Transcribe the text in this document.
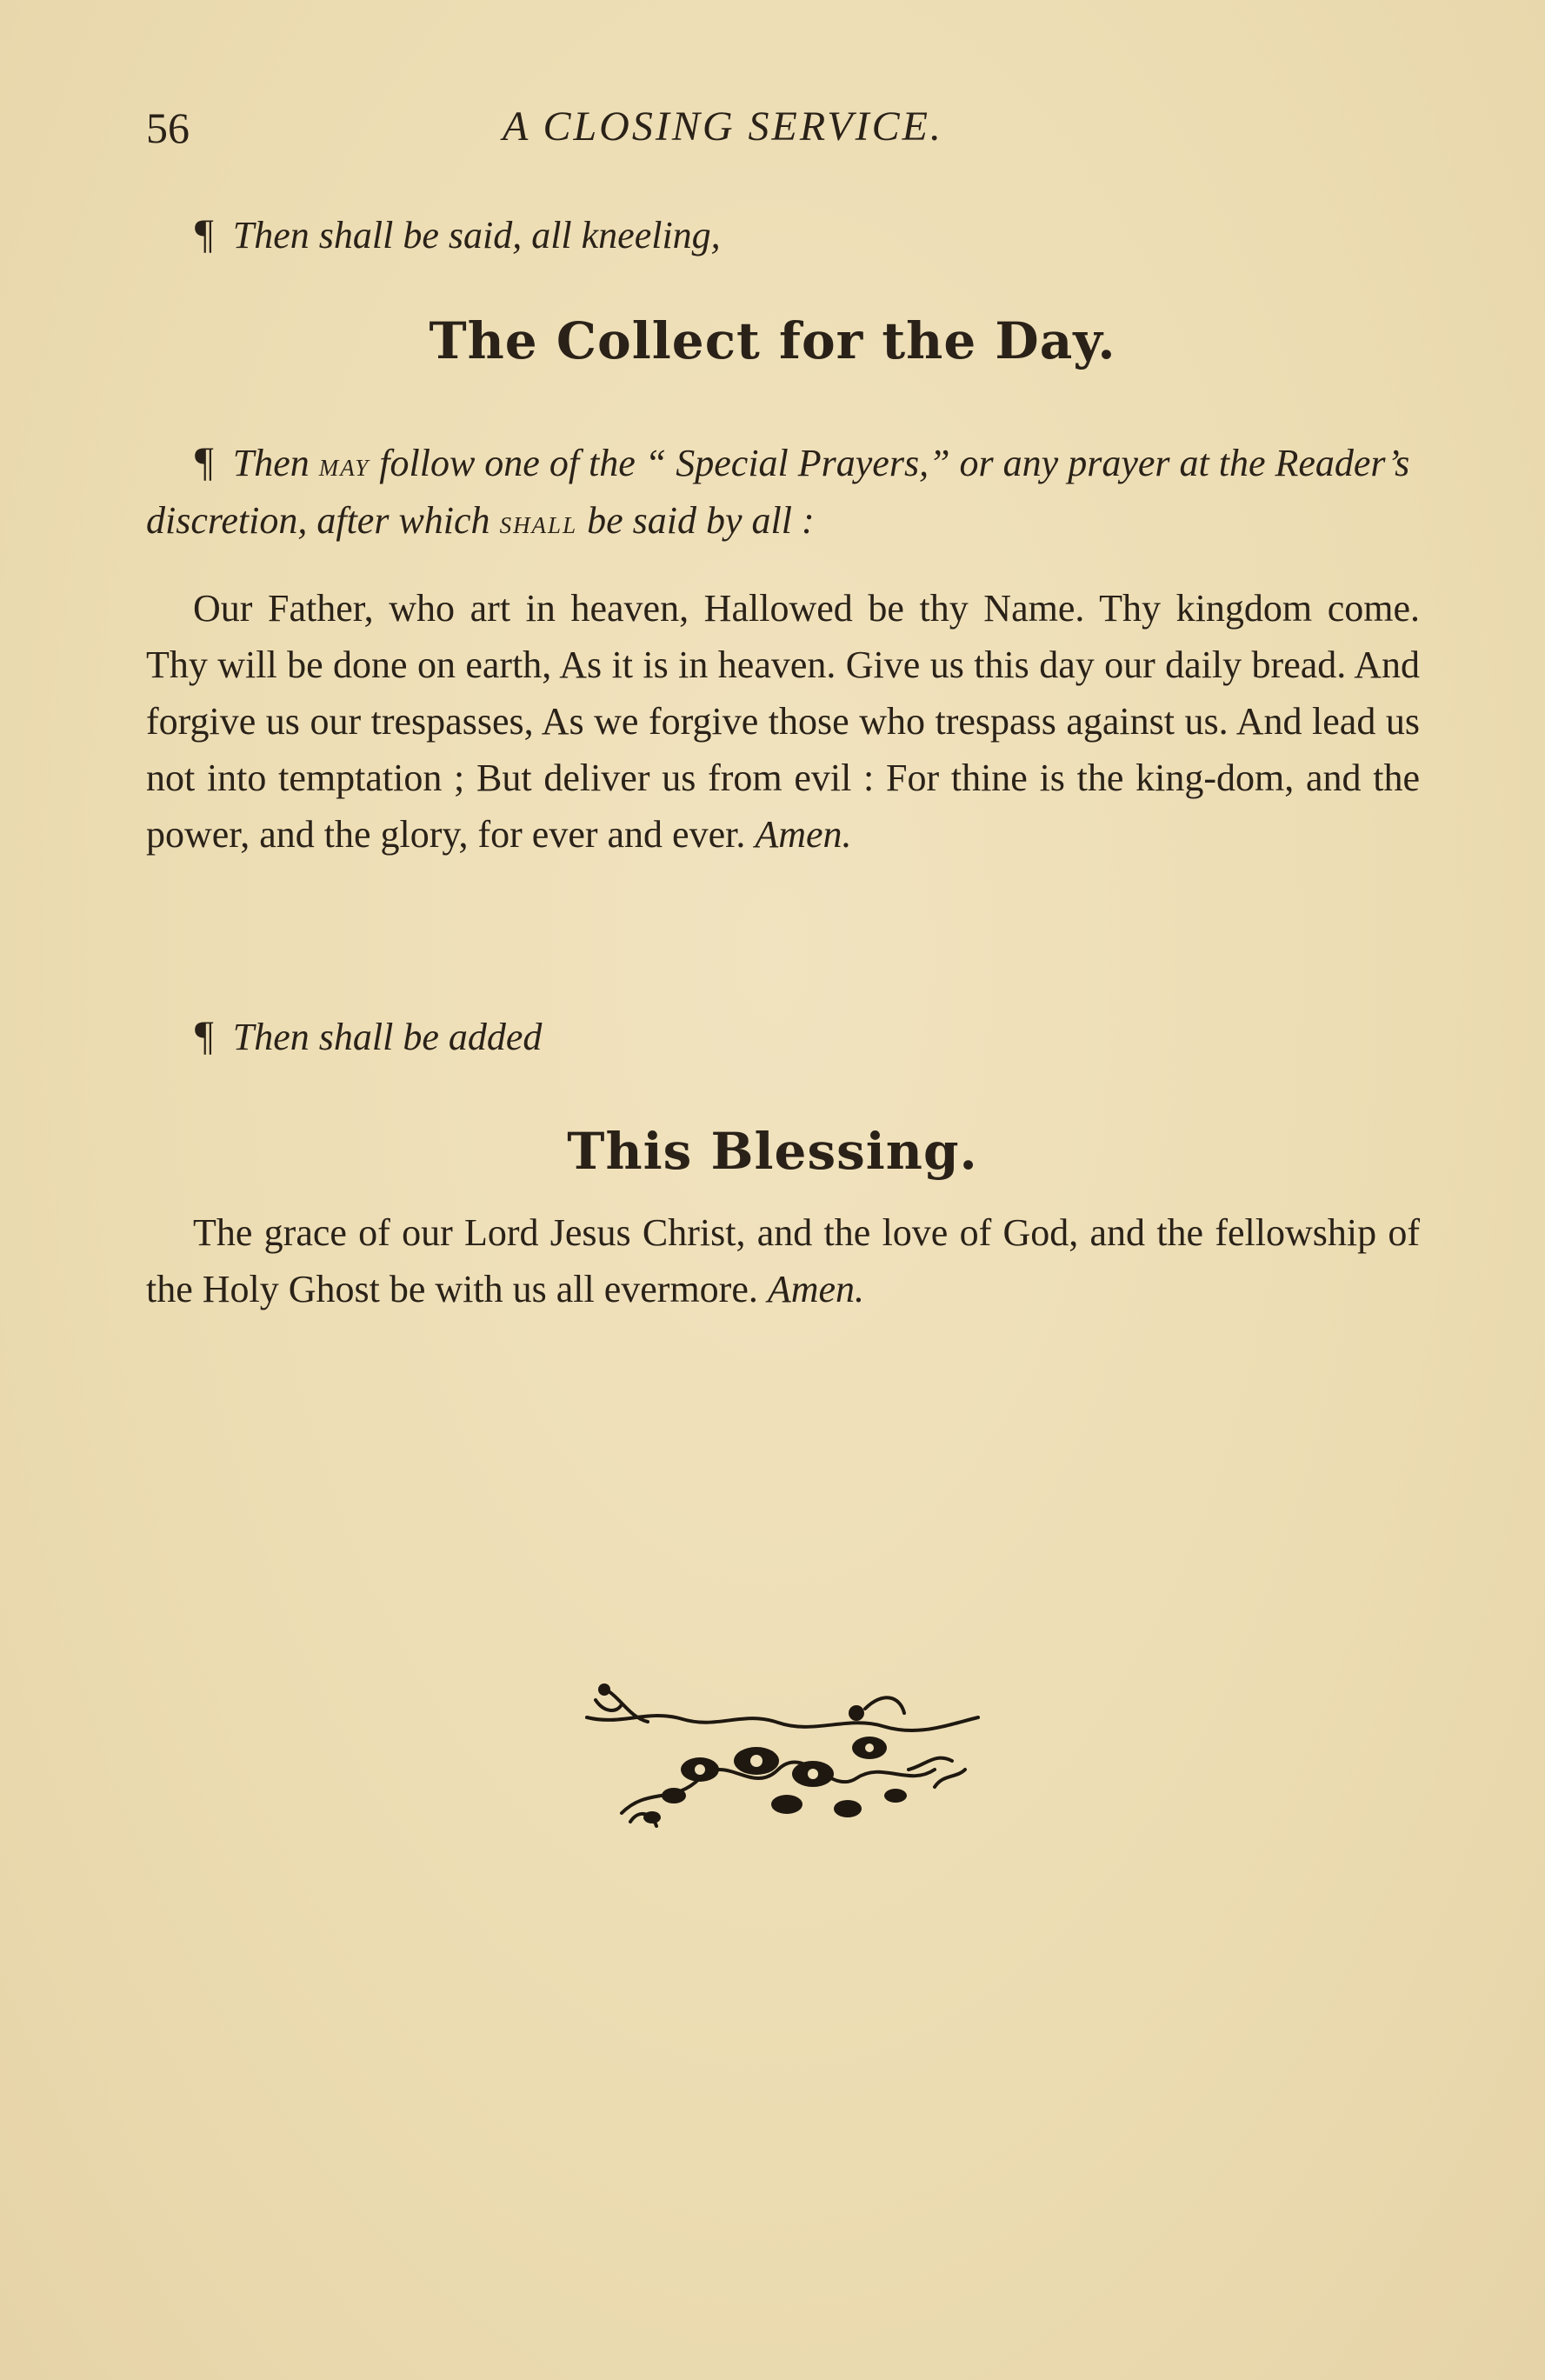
56	A CLOSING SERVICE.
¶ Then shall be said, all kneeling,
The Collect for the Day.
¶ Then may follow one of the “ Special Prayers,” or any prayer at the Reader’s discretion, after which shall be said by all :

Our Father, who art in heaven, Hallowed be thy Name. Thy kingdom come. Thy will be done on earth, As it is in heaven. Give us this day our daily bread. And forgive us our trespasses, As we forgive those who trespass against us. And lead us not into temptation ; But deliver us from evil : For thine is the king-dom, and the power, and the glory, for ever and ever. Amen.

¶ Then shall be added
This Blessing.

The grace of our Lord Jesus Christ, and the love of God, and the fellowship of the Holy Ghost be with us all evermore. Amen.
